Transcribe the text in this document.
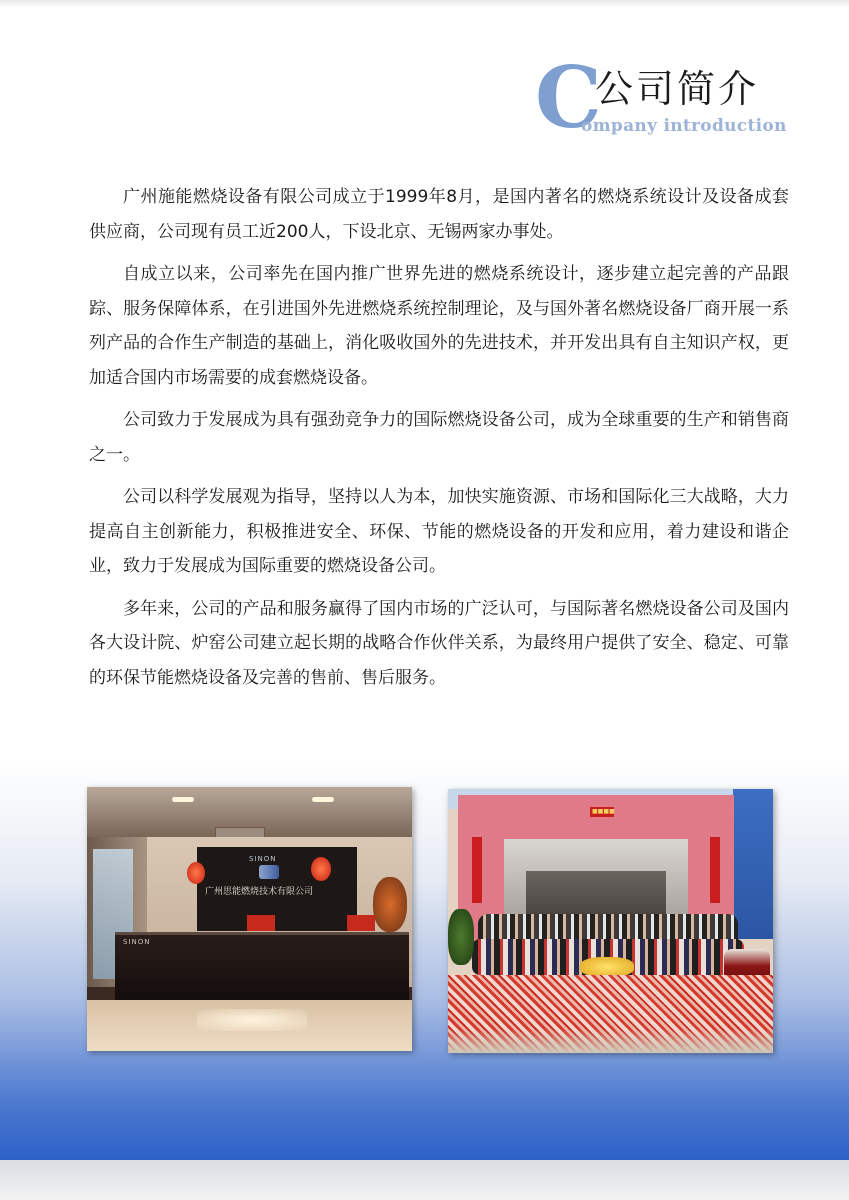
C
公司简介
ompany introduction

广州施能燃烧设备有限公司成立于1999年8月，是国内著名的燃烧系统设计及设备成套供应商，公司现有员工近200人，下设北京、无锡两家办事处。

自成立以来，公司率先在国内推广世界先进的燃烧系统设计，逐步建立起完善的产品跟踪、服务保障体系，在引进国外先进燃烧系统控制理论，及与国外著名燃烧设备厂商开展一系列产品的合作生产制造的基础上，消化吸收国外的先进技术，并开发出具有自主知识产权，更加适合国内市场需要的成套燃烧设备。

公司致力于发展成为具有强劲竞争力的国际燃烧设备公司，成为全球重要的生产和销售商之一。

公司以科学发展观为指导，坚持以人为本，加快实施资源、市场和国际化三大战略，大力提高自主创新能力，积极推进安全、环保、节能的燃烧设备的开发和应用，着力建设和谐企业，致力于发展成为国际重要的燃烧设备公司。

多年来，公司的产品和服务赢得了国内市场的广泛认可，与国际著名燃烧设备公司及国内各大设计院、炉窑公司建立起长期的战略合作伙伴关系，为最终用户提供了安全、稳定、可靠的环保节能燃烧设备及完善的售前、售后服务。

SINON
广州思能燃烧技术有限公司
SINON
■■■■
